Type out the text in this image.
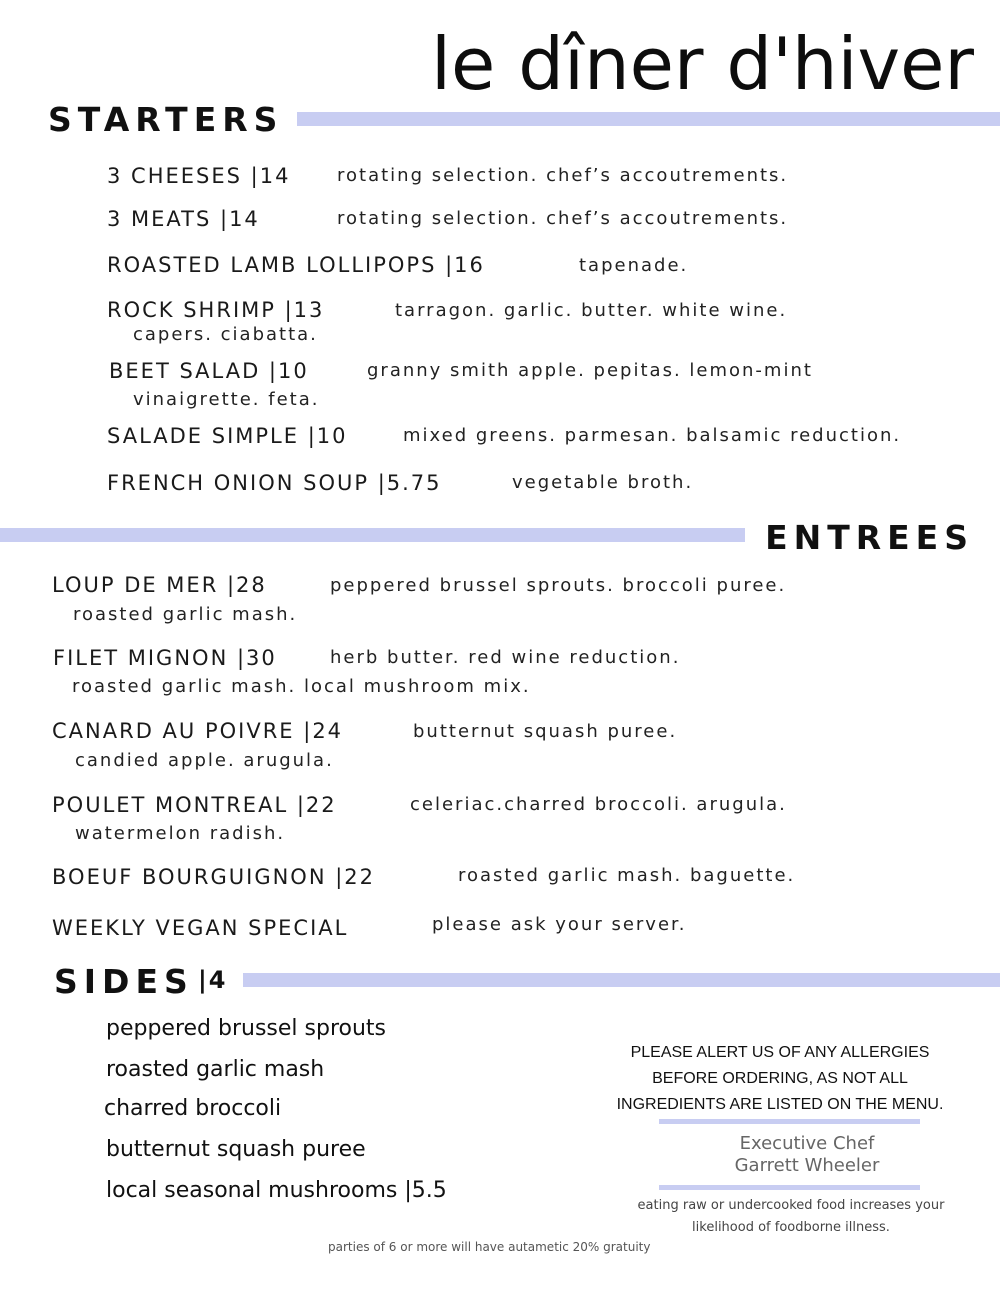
le dîner d'hiver
STARTERS
3 CHEESES |14	rotating selection. chef’s accoutrements.
3 MEATS |14	rotating selection. chef’s accoutrements.
ROASTED LAMB LOLLIPOPS |16	tapenade.
ROCK SHRIMP |13	tarragon. garlic. butter. white wine.
capers. ciabatta.
BEET SALAD |10	granny smith apple. pepitas. lemon-mint
vinaigrette. feta.
SALADE SIMPLE |10	mixed greens. parmesan. balsamic reduction.
FRENCH ONION SOUP |5.75	vegetable broth.
ENTREES
LOUP DE MER |28	peppered brussel sprouts. broccoli puree.
roasted garlic mash.
FILET MIGNON |30	herb butter. red wine reduction.
roasted garlic mash. local mushroom mix.
CANARD AU POIVRE |24	butternut squash puree.
candied apple. arugula.
POULET MONTREAL |22	celeriac.charred broccoli. arugula.
watermelon radish.
BOEUF BOURGUIGNON |22	roasted garlic mash. baguette.
WEEKLY VEGAN SPECIAL	please ask your server.
SIDES |4
peppered brussel sprouts
roasted garlic mash
charred broccoli
butternut squash puree
local seasonal mushrooms |5.5
PLEASE ALERT US OF ANY ALLERGIES BEFORE ORDERING, AS NOT ALL INGREDIENTS ARE LISTED ON THE MENU.
Executive Chef
Garrett Wheeler
eating raw or undercooked food increases your likelihood of foodborne illness.
parties of 6 or more will have autametic 20% gratuity
